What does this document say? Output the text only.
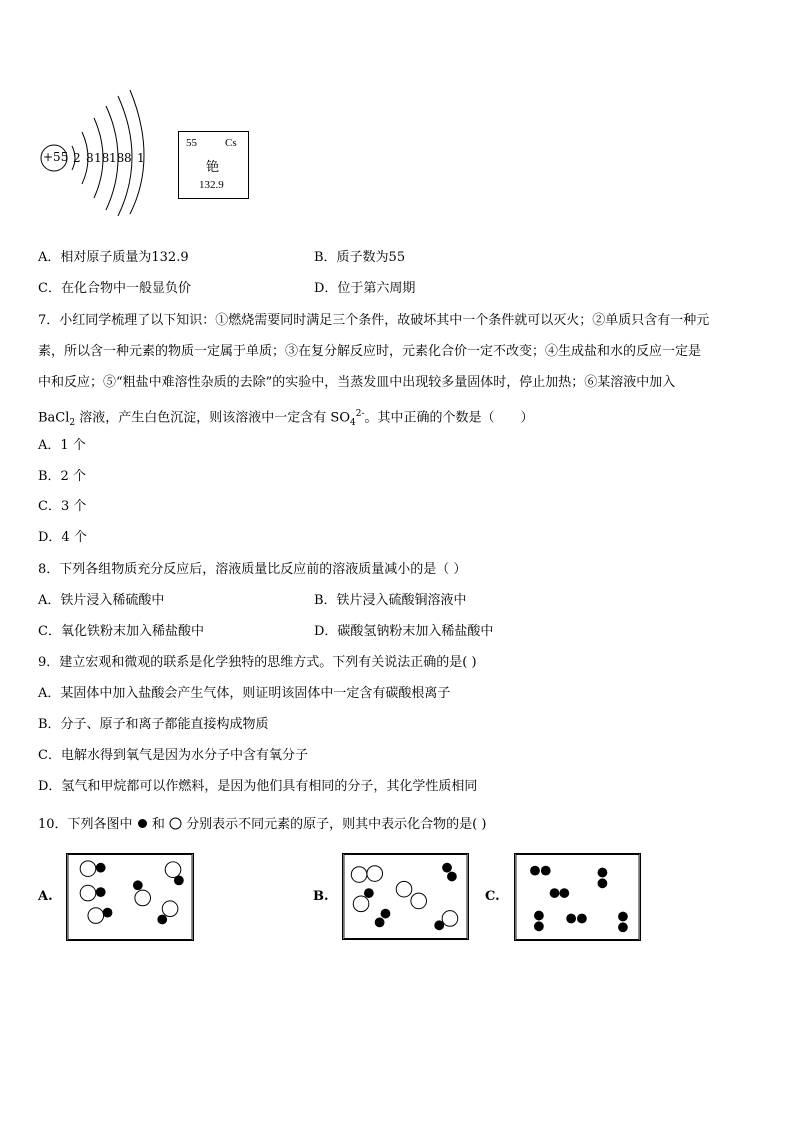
+55 2 8 18 18 8 1
55	Cs
铯
132.9
A．相对原子质量为132.9	B．质子数为55
C．在化合物中一般显负价	D．位于第六周期
7．小红同学梳理了以下知识：①燃烧需要同时满足三个条件，故破坏其中一个条件就可以灭火；②单质只含有一种元
素，所以含一种元素的物质一定属于单质；③在复分解反应时，元素化合价一定不改变；④生成盐和水的反应一定是
中和反应；⑤“粗盐中难溶性杂质的去除”的实验中，当蒸发皿中出现较多量固体时，停止加热；⑥某溶液中加入
BaCl$_2$ 溶液，产生白色沉淀，则该溶液中一定含有 $SO_4^{2-}$。其中正确的个数是（　　）
A．1 个
B．2 个
C．3 个
D．4 个
8．下列各组物质充分反应后，溶液质量比反应前的溶液质量减小的是（ ）
A．铁片浸入稀硫酸中	B．铁片浸入硫酸铜溶液中
C．氧化铁粉末加入稀盐酸中	D．碳酸氢钠粉末加入稀盐酸中
9．建立宏观和微观的联系是化学独特的思维方式。下列有关说法正确的是( )
A．某固体中加入盐酸会产生气体，则证明该固体中一定含有碳酸根离子
B．分子、原子和离子都能直接构成物质
C．电解水得到氧气是因为水分子中含有氧分子
D．氢气和甲烷都可以作燃料，是因为他们具有相同的分子，其化学性质相同
10．下列各图中 和 分别表示不同元素的原子，则其中表示化合物的是( )
A.	B.	C.
